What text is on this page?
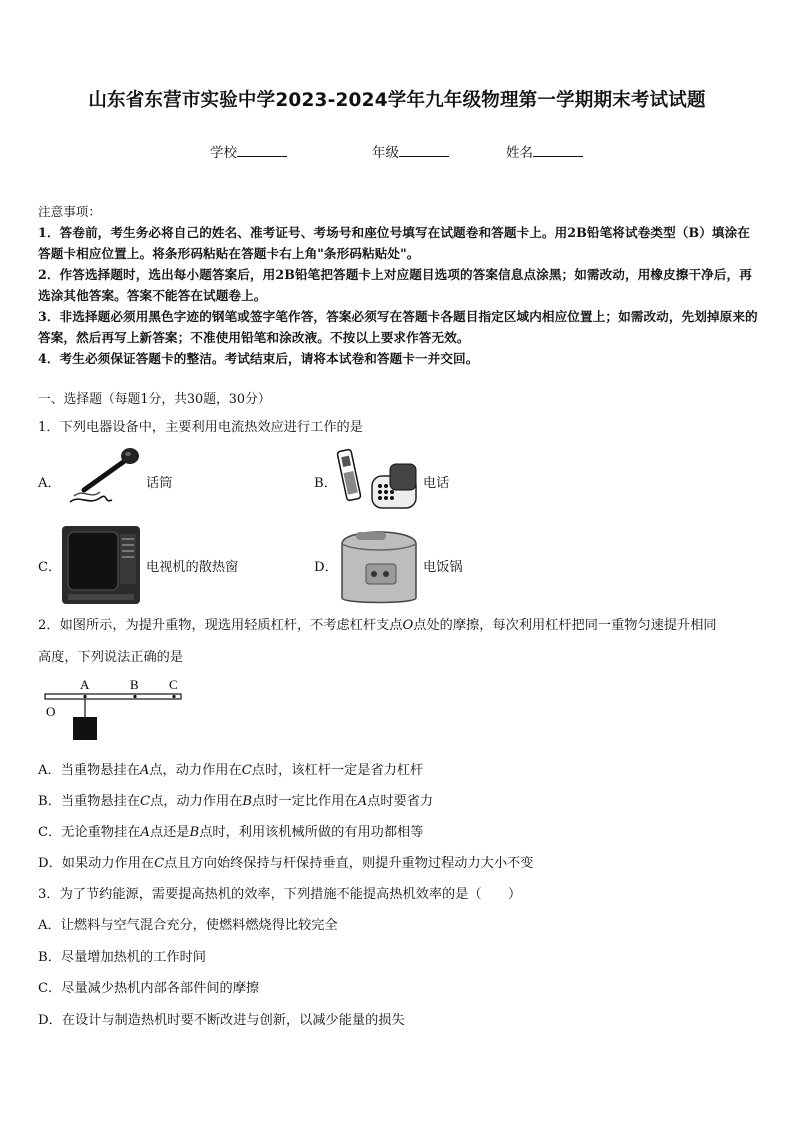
山东省东营市实验中学2023-2024学年九年级物理第一学期期末考试试题
学校	年级	姓名
注意事项：
1．答卷前，考生务必将自己的姓名、准考证号、考场号和座位号填写在试题卷和答题卡上。用2B铅笔将试卷类型（B）填涂在答题卡相应位置上。将条形码粘贴在答题卡右上角"条形码粘贴处"。
2．作答选择题时，选出每小题答案后，用2B铅笔把答题卡上对应题目选项的答案信息点涂黑；如需改动，用橡皮擦干净后，再选涂其他答案。答案不能答在试题卷上。
3．非选择题必须用黑色字迹的钢笔或签字笔作答，答案必须写在答题卡各题目指定区域内相应位置上；如需改动，先划掉原来的答案，然后再写上新答案；不准使用铅笔和涂改液。不按以上要求作答无效。
4．考生必须保证答题卡的整洁。考试结束后，请将本试卷和答题卡一并交回。
一、选择题（每题1分，共30题，30分）
1．下列电器设备中，主要利用电流热效应进行工作的是
A．	话筒	B．	电话
C．	电视机的散热窗	D．	电饭锅
2．如图所示，为提升重物，现选用轻质杠杆，不考虑杠杆支点O点处的摩擦，每次利用杠杆把同一重物匀速提升相同
高度，下列说法正确的是
A	B C
O
A．当重物悬挂在A点，动力作用在C点时，该杠杆一定是省力杠杆
B．当重物悬挂在C点，动力作用在B点时一定比作用在A点时要省力
C．无论重物挂在A点还是B点时，利用该机械所做的有用功都相等
D．如果动力作用在C点且方向始终保持与杆保持垂直，则提升重物过程动力大小不变
3．为了节约能源，需要提高热机的效率，下列措施不能提高热机效率的是（　　）
A．让燃料与空气混合充分，使燃料燃烧得比较完全
B．尽量增加热机的工作时间
C．尽量减少热机内部各部件间的摩擦
D．在设计与制造热机时要不断改进与创新，以减少能量的损失
